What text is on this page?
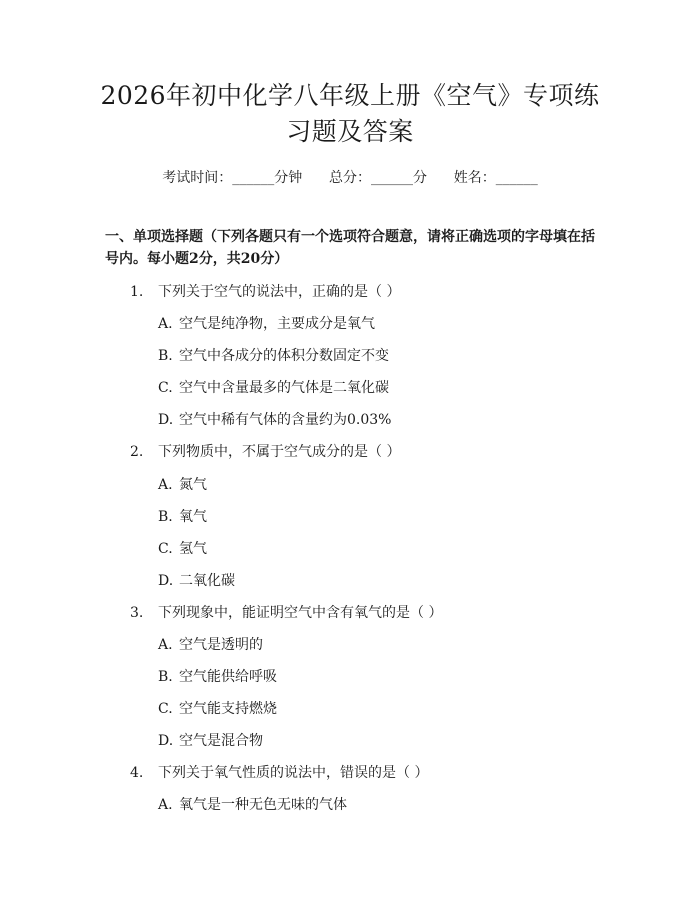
2026年初中化学八年级上册《空气》专项练习题及答案
考试时间：______分钟      总分：______分      姓名：______
一、单项选择题（下列各题只有一个选项符合题意，请将正确选项的字母填在括号内。每小题2分，共20分）
1.	下列关于空气的说法中，正确的是（ ）
A. 空气是纯净物，主要成分是氧气
B. 空气中各成分的体积分数固定不变
C. 空气中含量最多的气体是二氧化碳
D. 空气中稀有气体的含量约为0.03%
2.	下列物质中，不属于空气成分的是（ ）
A. 氮气
B. 氧气
C. 氢气
D. 二氧化碳
3.	下列现象中，能证明空气中含有氧气的是（ ）
A. 空气是透明的
B. 空气能供给呼吸
C. 空气能支持燃烧
D. 空气是混合物
4.	下列关于氧气性质的说法中，错误的是（ ）
A. 氧气是一种无色无味的气体
